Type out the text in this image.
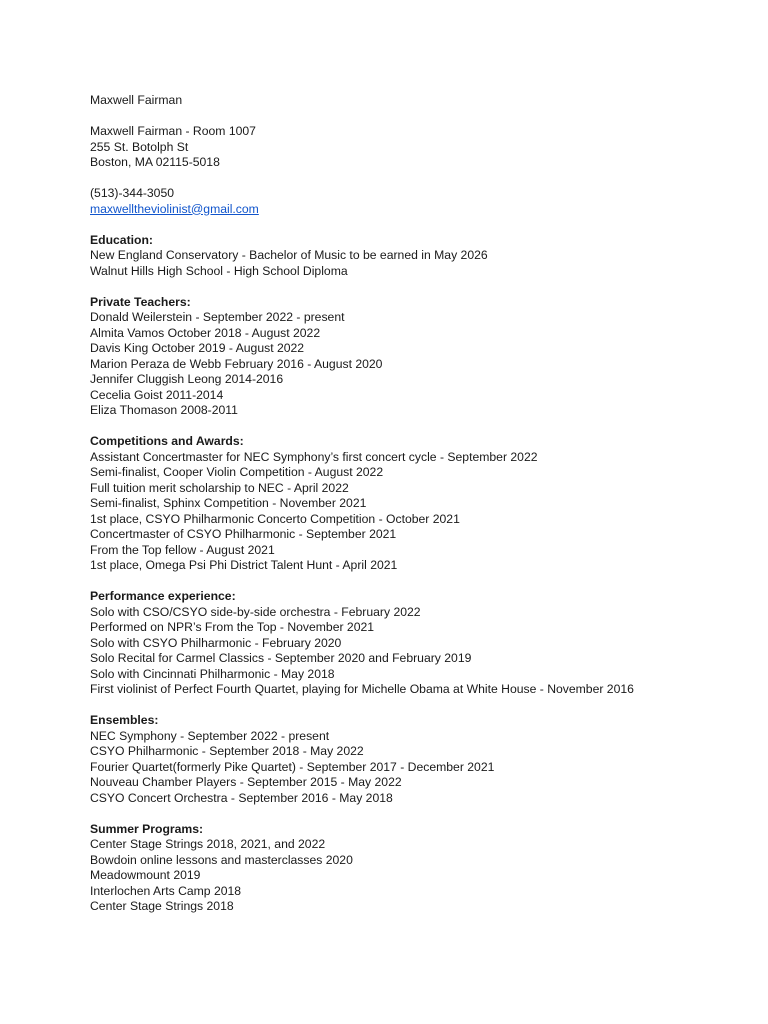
Maxwell Fairman
Maxwell Fairman - Room 1007
255 St. Botolph St
Boston, MA 02115-5018
(513)-344-3050
maxwelltheviolinist@gmail.com
Education:
New England Conservatory - Bachelor of Music to be earned in May 2026
Walnut Hills High School - High School Diploma
Private Teachers:
Donald Weilerstein - September 2022 - present
Almita Vamos October 2018 - August 2022
Davis King October 2019 - August 2022
Marion Peraza de Webb February 2016 - August 2020
Jennifer Cluggish Leong 2014-2016
Cecelia Goist 2011-2014
Eliza Thomason 2008-2011
Competitions and Awards:
Assistant Concertmaster for NEC Symphony’s first concert cycle - September 2022
Semi-finalist, Cooper Violin Competition - August 2022
Full tuition merit scholarship to NEC - April 2022
Semi-finalist, Sphinx Competition - November 2021
1st place, CSYO Philharmonic Concerto Competition - October 2021
Concertmaster of CSYO Philharmonic - September 2021
From the Top fellow - August 2021
1st place, Omega Psi Phi District Talent Hunt - April 2021
Performance experience:
Solo with CSO/CSYO side-by-side orchestra - February 2022
Performed on NPR’s From the Top - November 2021
Solo with CSYO Philharmonic - February 2020
Solo Recital for Carmel Classics - September 2020 and February 2019
Solo with Cincinnati Philharmonic - May 2018
First violinist of Perfect Fourth Quartet, playing for Michelle Obama at White House - November 2016
Ensembles:
NEC Symphony - September 2022 - present
CSYO Philharmonic - September 2018 - May 2022
Fourier Quartet(formerly Pike Quartet) - September 2017 - December 2021
Nouveau Chamber Players - September 2015 - May 2022
CSYO Concert Orchestra - September 2016 - May 2018
Summer Programs:
Center Stage Strings 2018, 2021, and 2022
Bowdoin online lessons and masterclasses 2020
Meadowmount 2019
Interlochen Arts Camp 2018
Center Stage Strings 2018
